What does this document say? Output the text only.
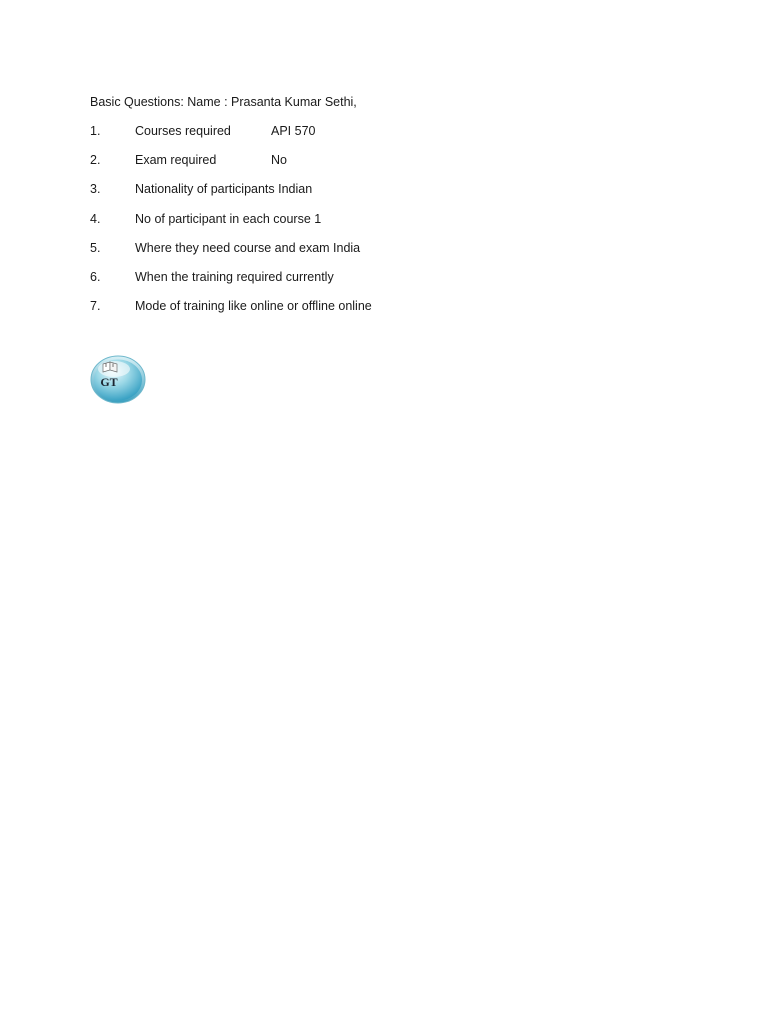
Basic Questions: Name : Prasanta Kumar Sethi,
1.	Courses required	API 570
2.	Exam required	No
3.	Nationality of participants Indian
4.	No of participant in each course 1
5.	Where they need course and exam India
6.	When the training required currently
7.	Mode of training like online or offline online
GT
